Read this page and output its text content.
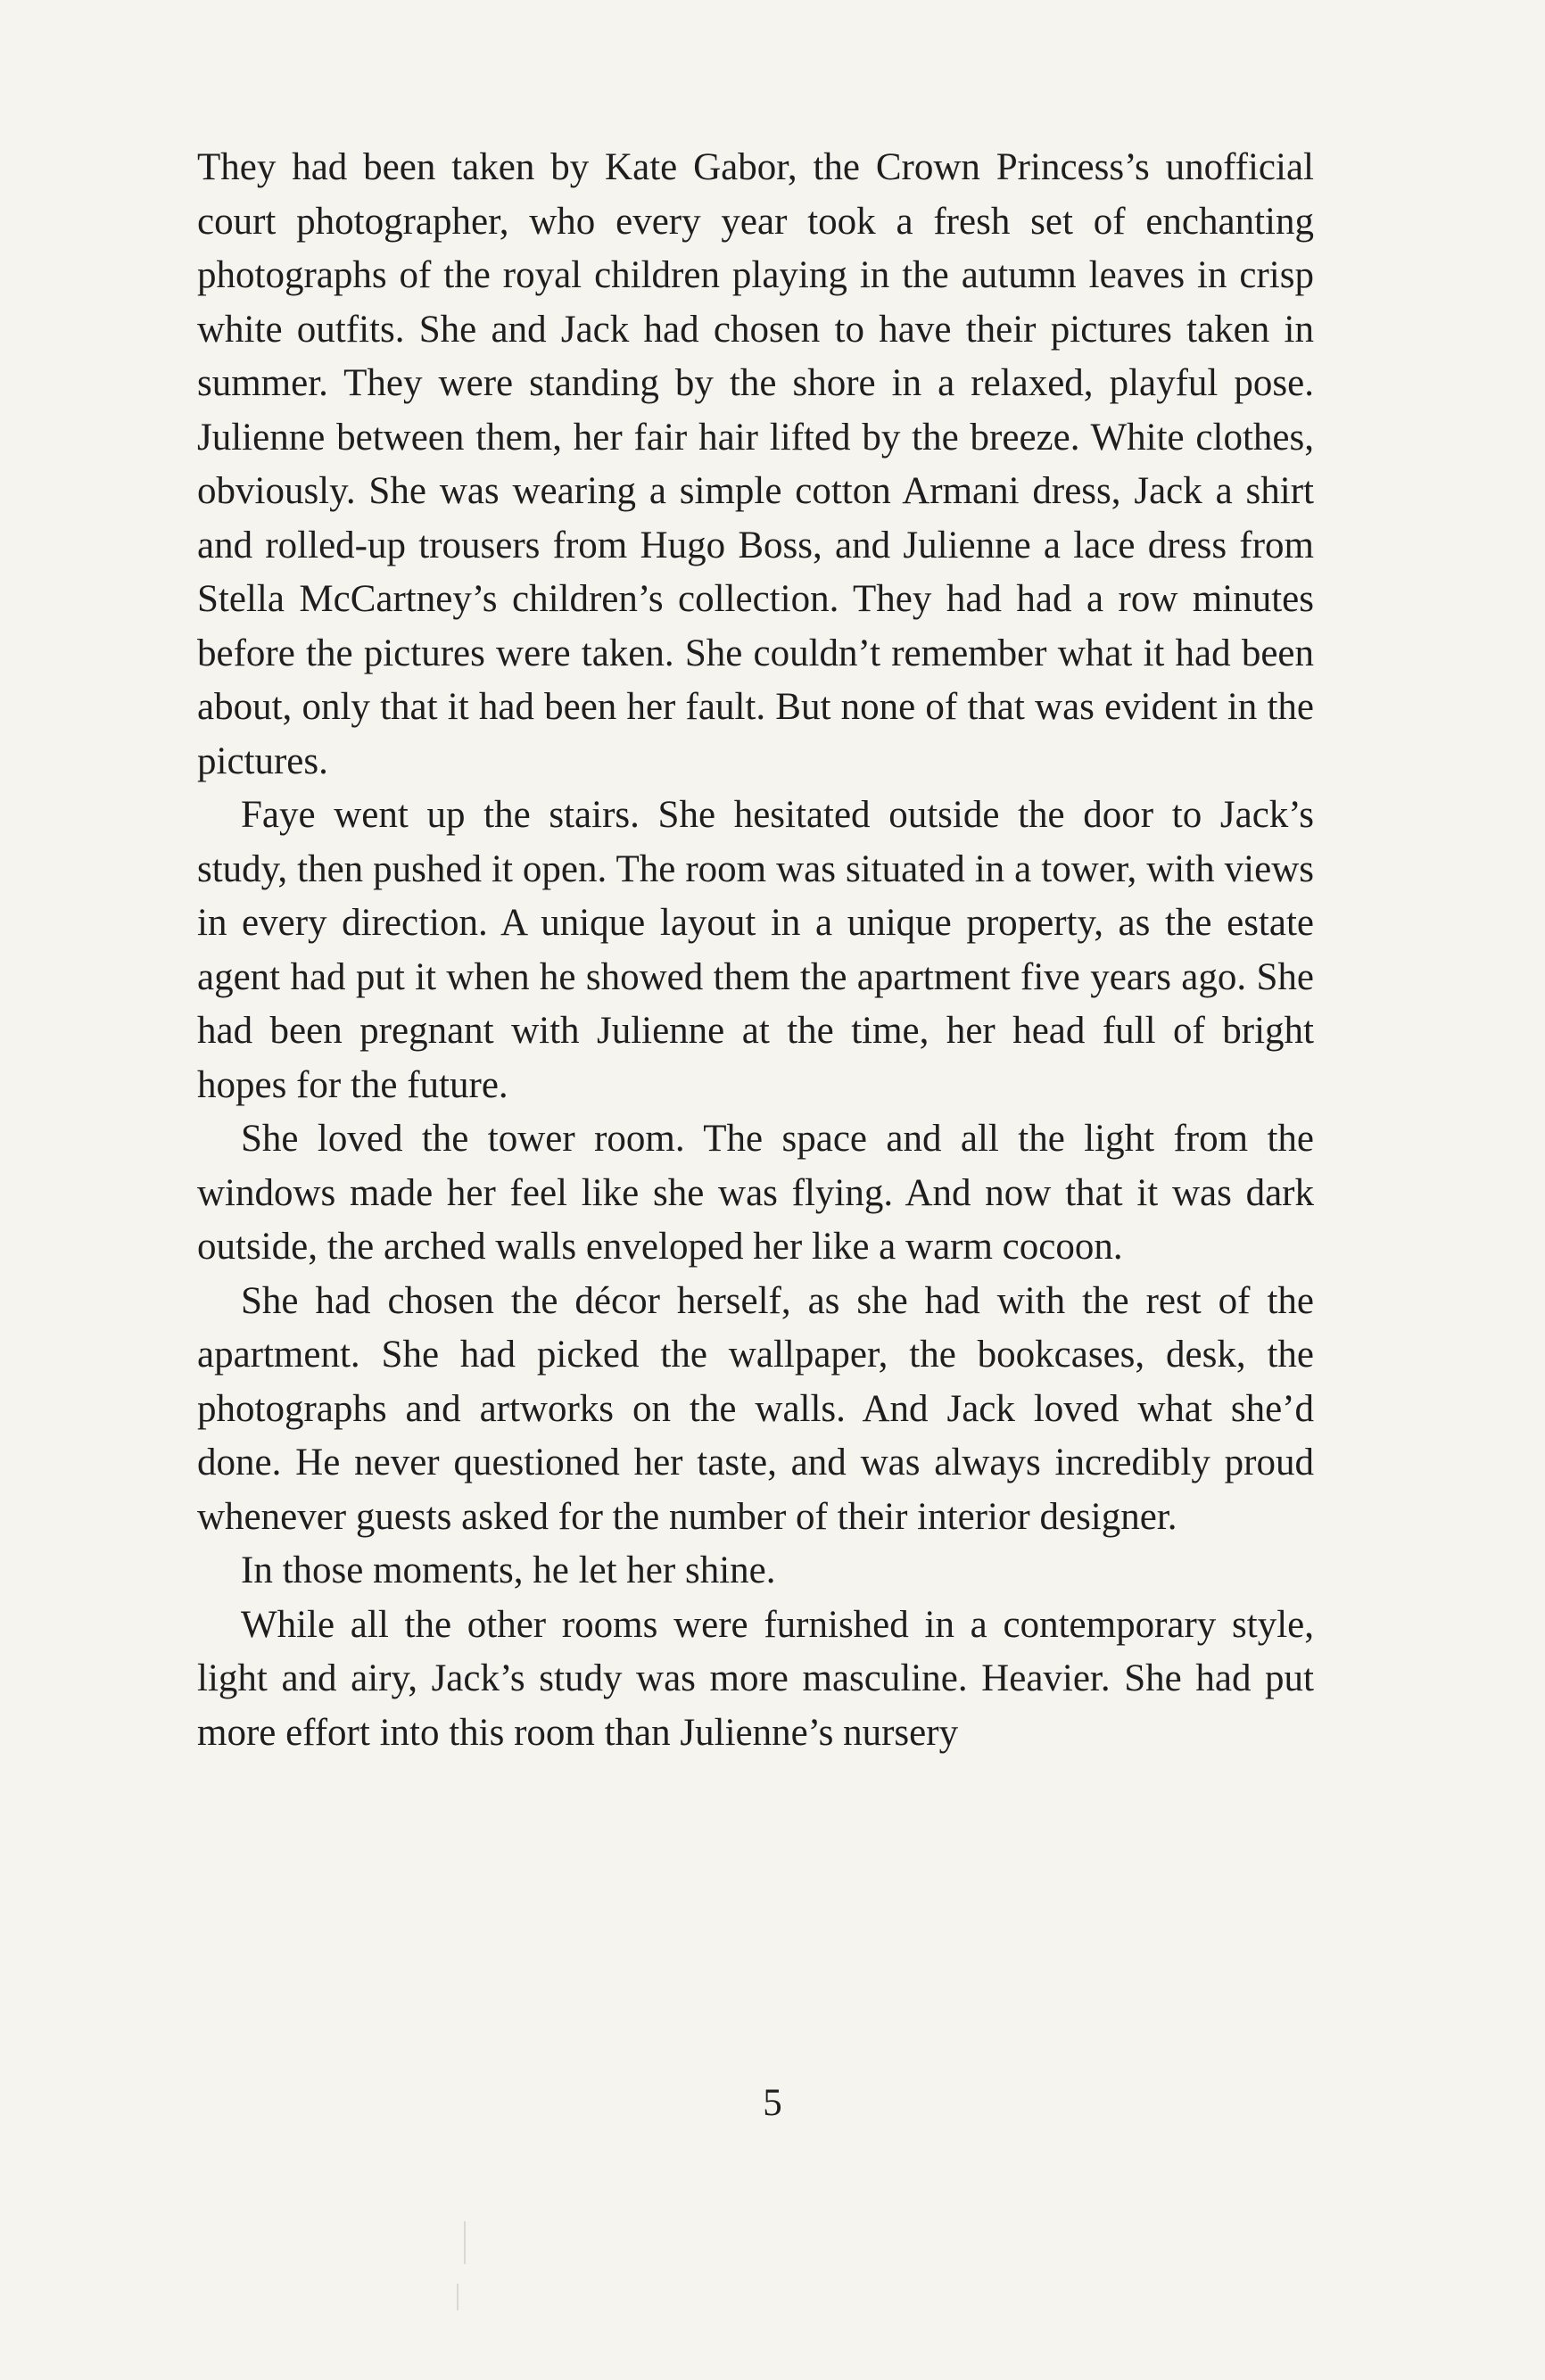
They had been taken by Kate Gabor, the Crown Princess’s unofficial court photographer, who every year took a fresh set of enchanting photographs of the royal children playing in the autumn leaves in crisp white outfits. She and Jack had chosen to have their pictures taken in summer. They were standing by the shore in a relaxed, playful pose. Julienne between them, her fair hair lifted by the breeze. White clothes, obviously. She was wearing a simple cotton Armani dress, Jack a shirt and rolled-up trousers from Hugo Boss, and Julienne a lace dress from Stella McCartney’s children’s collection. They had had a row minutes before the pictures were taken. She couldn’t remember what it had been about, only that it had been her fault. But none of that was evident in the pictures.

Faye went up the stairs. She hesitated outside the door to Jack’s study, then pushed it open. The room was situated in a tower, with views in every direction. A unique layout in a unique property, as the estate agent had put it when he showed them the apartment five years ago. She had been pregnant with Julienne at the time, her head full of bright hopes for the future.

She loved the tower room. The space and all the light from the windows made her feel like she was flying. And now that it was dark outside, the arched walls enveloped her like a warm cocoon.

She had chosen the décor herself, as she had with the rest of the apartment. She had picked the wallpaper, the bookcases, desk, the photographs and artworks on the walls. And Jack loved what she’d done. He never questioned her taste, and was always incredibly proud whenever guests asked for the number of their interior designer.

In those moments, he let her shine.

While all the other rooms were furnished in a contemporary style, light and airy, Jack’s study was more masculine. Heavier. She had put more effort into this room than Julienne’s nursery

5
